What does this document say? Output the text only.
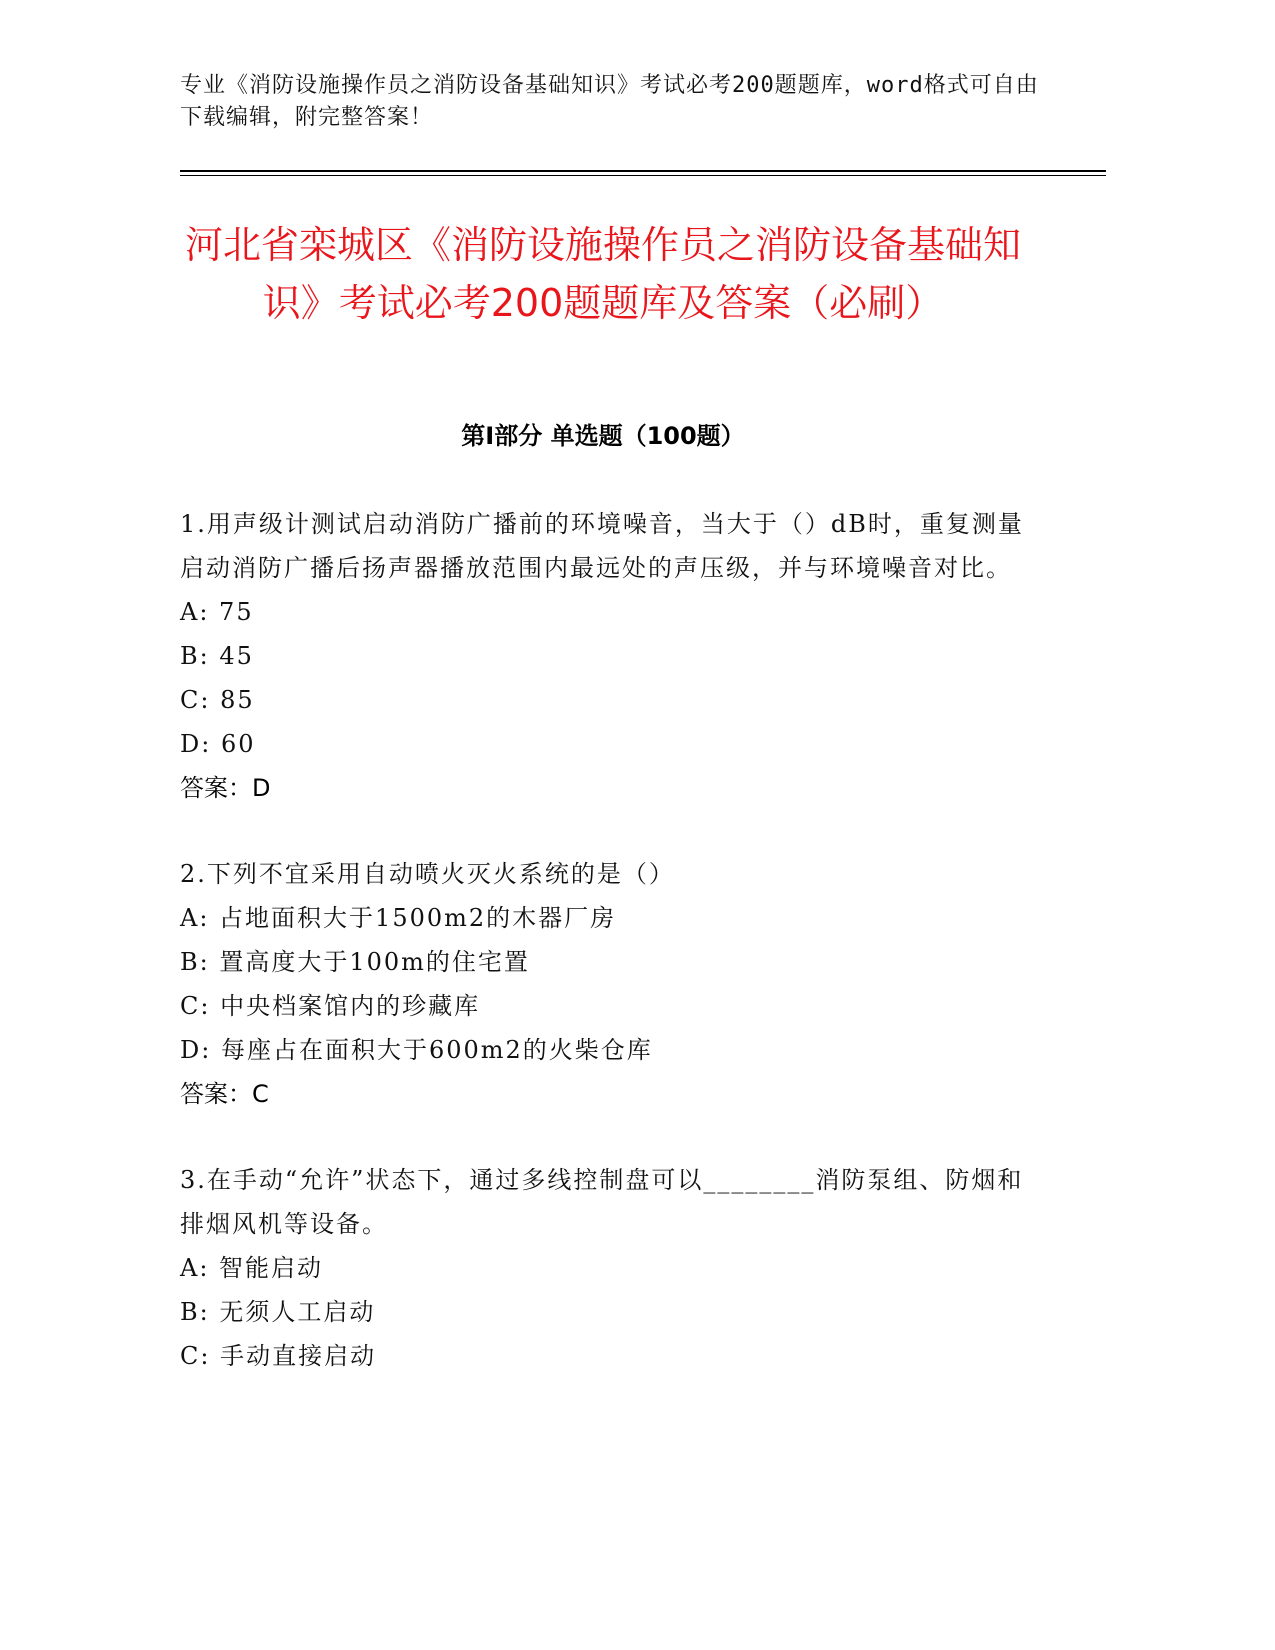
专业《消防设施操作员之消防设备基础知识》考试必考200题题库，word格式可自由下载编辑，附完整答案！
河北省栾城区《消防设施操作员之消防设备基础知识》考试必考200题题库及答案（必刷）
第Ⅰ部分 单选题（100题）
1.用声级计测试启动消防广播前的环境噪音，当大于（）dB时，重复测量启动消防广播后扬声器播放范围内最远处的声压级，并与环境噪音对比。
A: 75
B: 45
C: 85
D: 60
答案：D
2.下列不宜采用自动喷火灭火系统的是（）
A: 占地面积大于1500m2的木器厂房
B: 置高度大于100m的住宅置
C: 中央档案馆内的珍藏库
D: 每座占在面积大于600m2的火柴仓库
答案：C
3.在手动“允许”状态下，通过多线控制盘可以________消防泵组、防烟和排烟风机等设备。
A: 智能启动
B: 无须人工启动
C: 手动直接启动
